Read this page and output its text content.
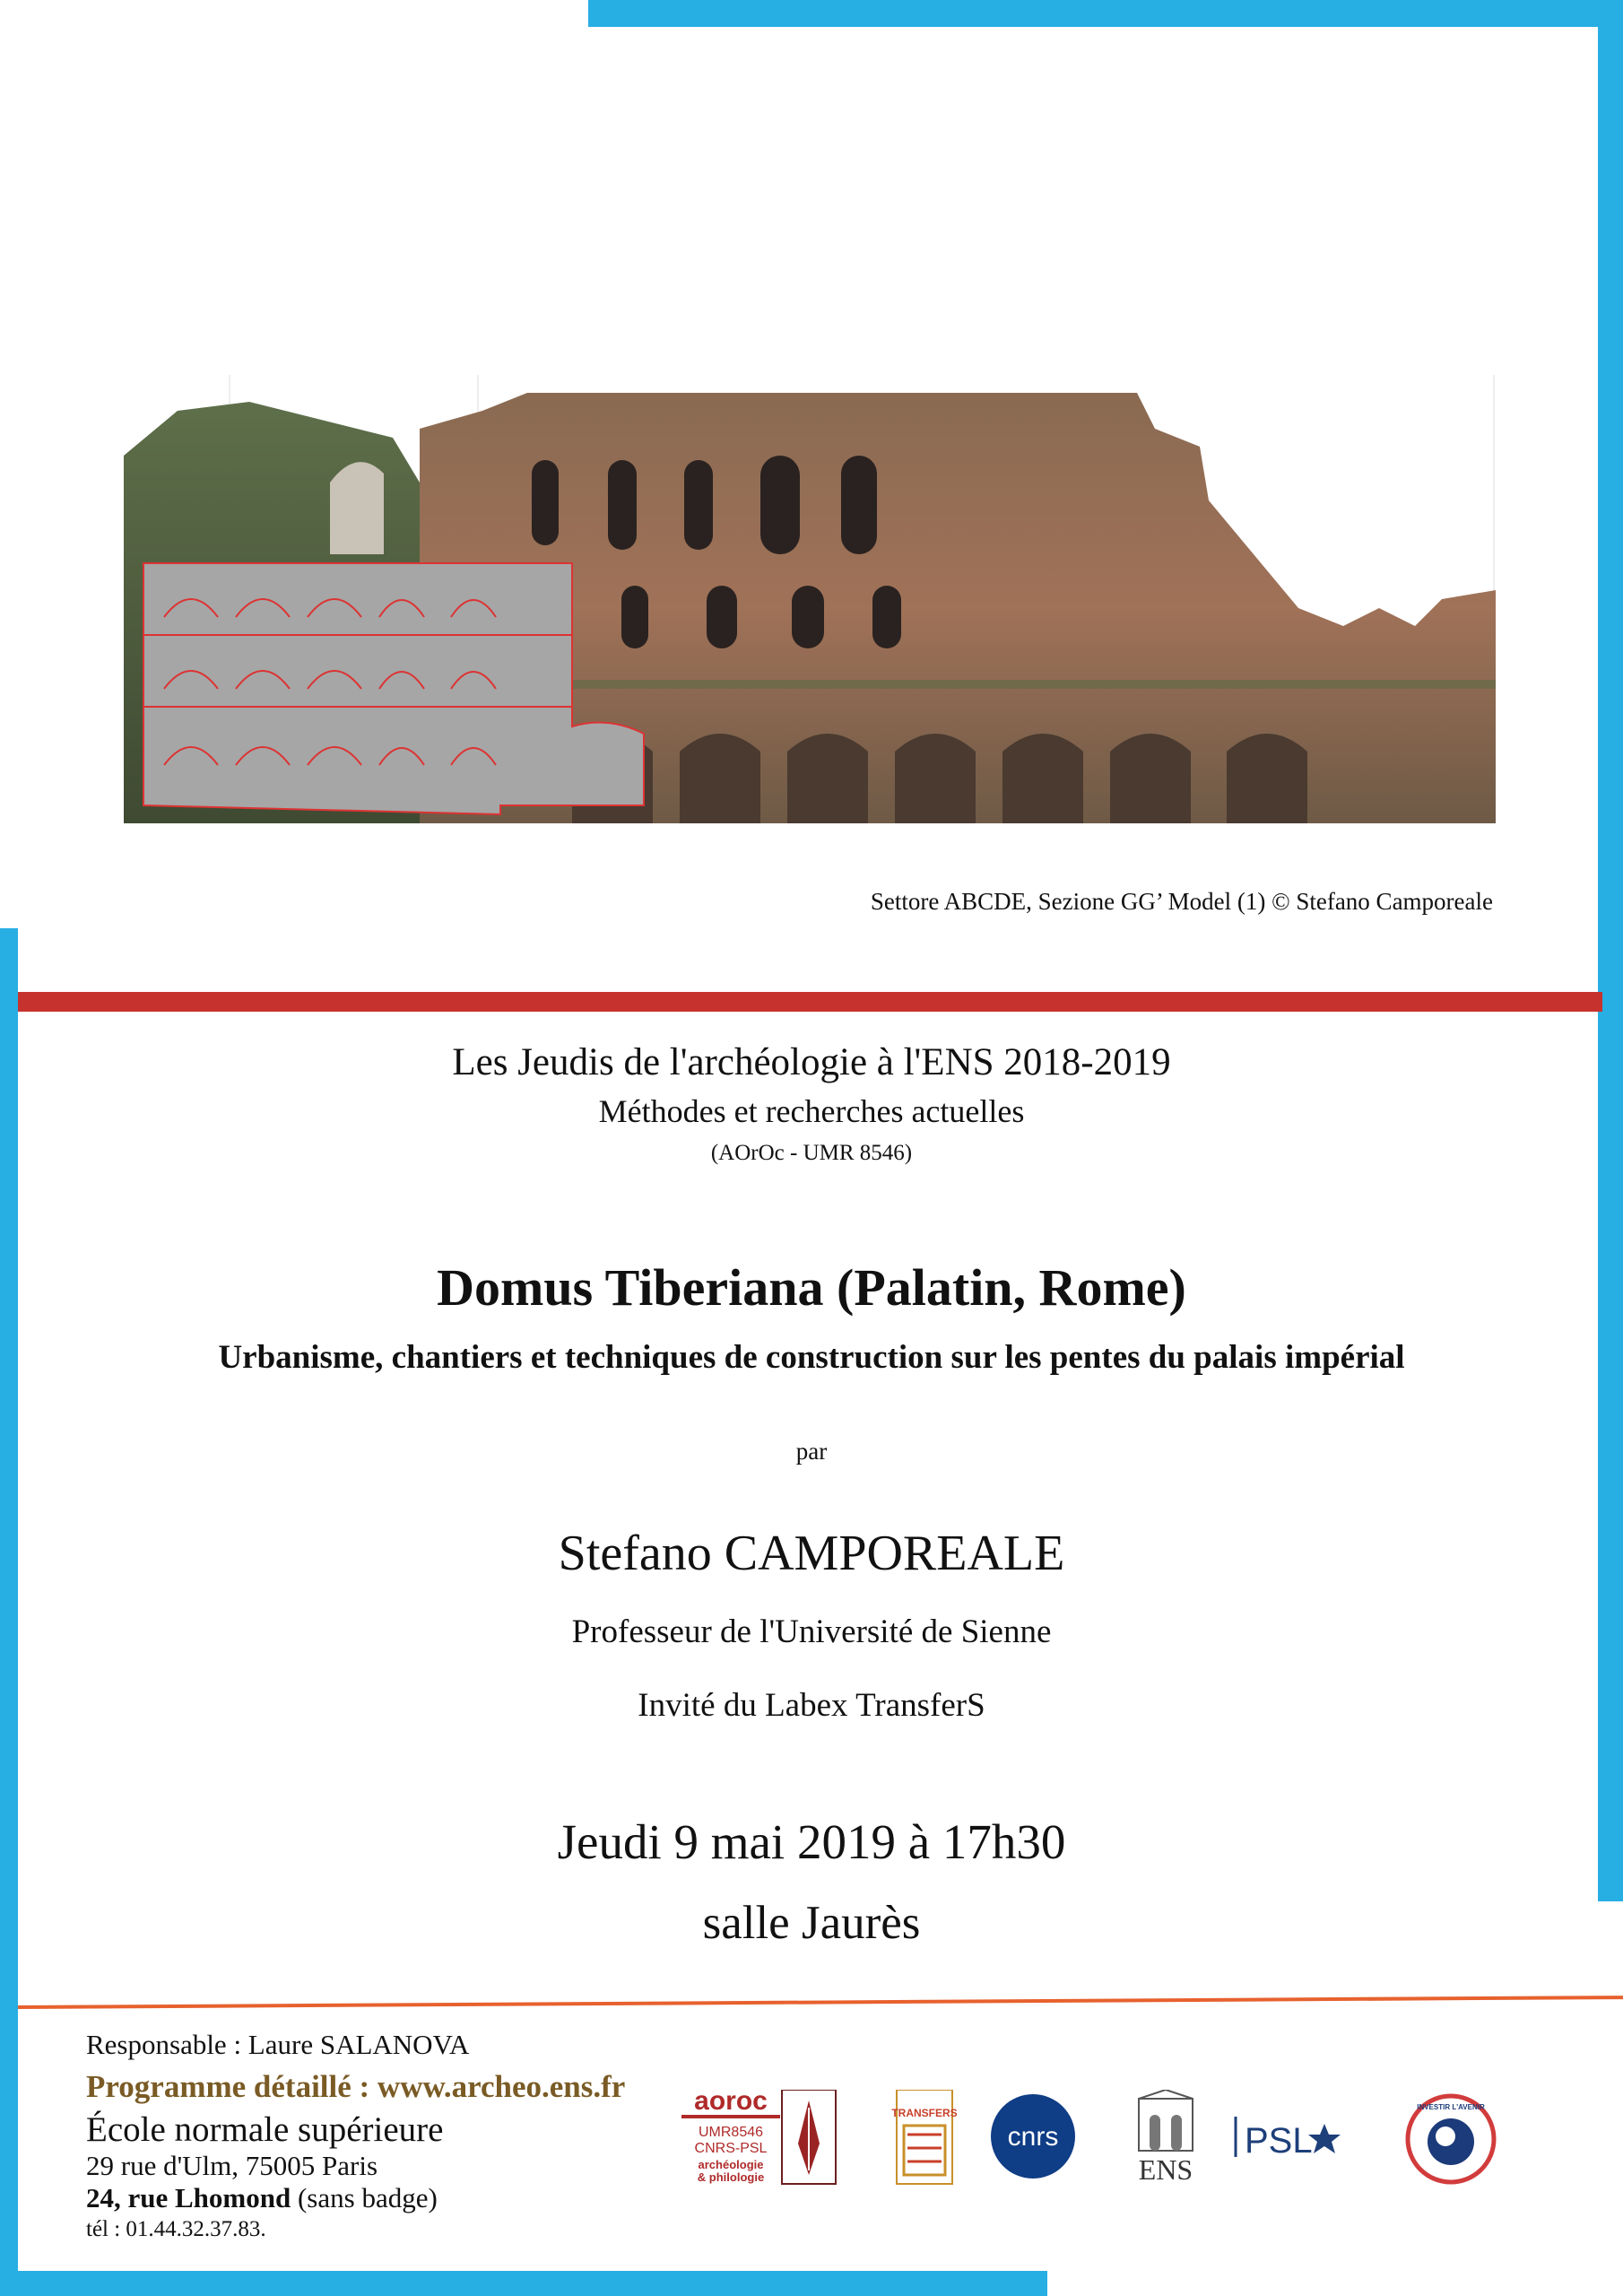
Settore ABCDE, Sezione GG’ Model (1) © Stefano Camporeale
Les Jeudis de l'archéologie à l'ENS 2018-2019
Méthodes et recherches actuelles
(AOrOc - UMR 8546)
Domus Tiberiana (Palatin, Rome)
Urbanisme, chantiers et techniques de construction sur les pentes du palais impérial
par
Stefano CAMPOREALE
Professeur de l'Université de Sienne
Invité du Labex TransferS
Jeudi 9 mai 2019 à 17h30
salle Jaurès
Responsable : Laure SALANOVA
Programme détaillé : www.archeo.ens.fr
École normale supérieure
29 rue d'Ulm, 75005 Paris
24, rue Lhomond (sans badge)
tél : 01.44.32.37.83.
aoroc
UMR8546
CNRS-PSL
archéologie
& philologie
TRANSFERS
cnrs
ENS
PSL
INVESTIR L'AVENIR
